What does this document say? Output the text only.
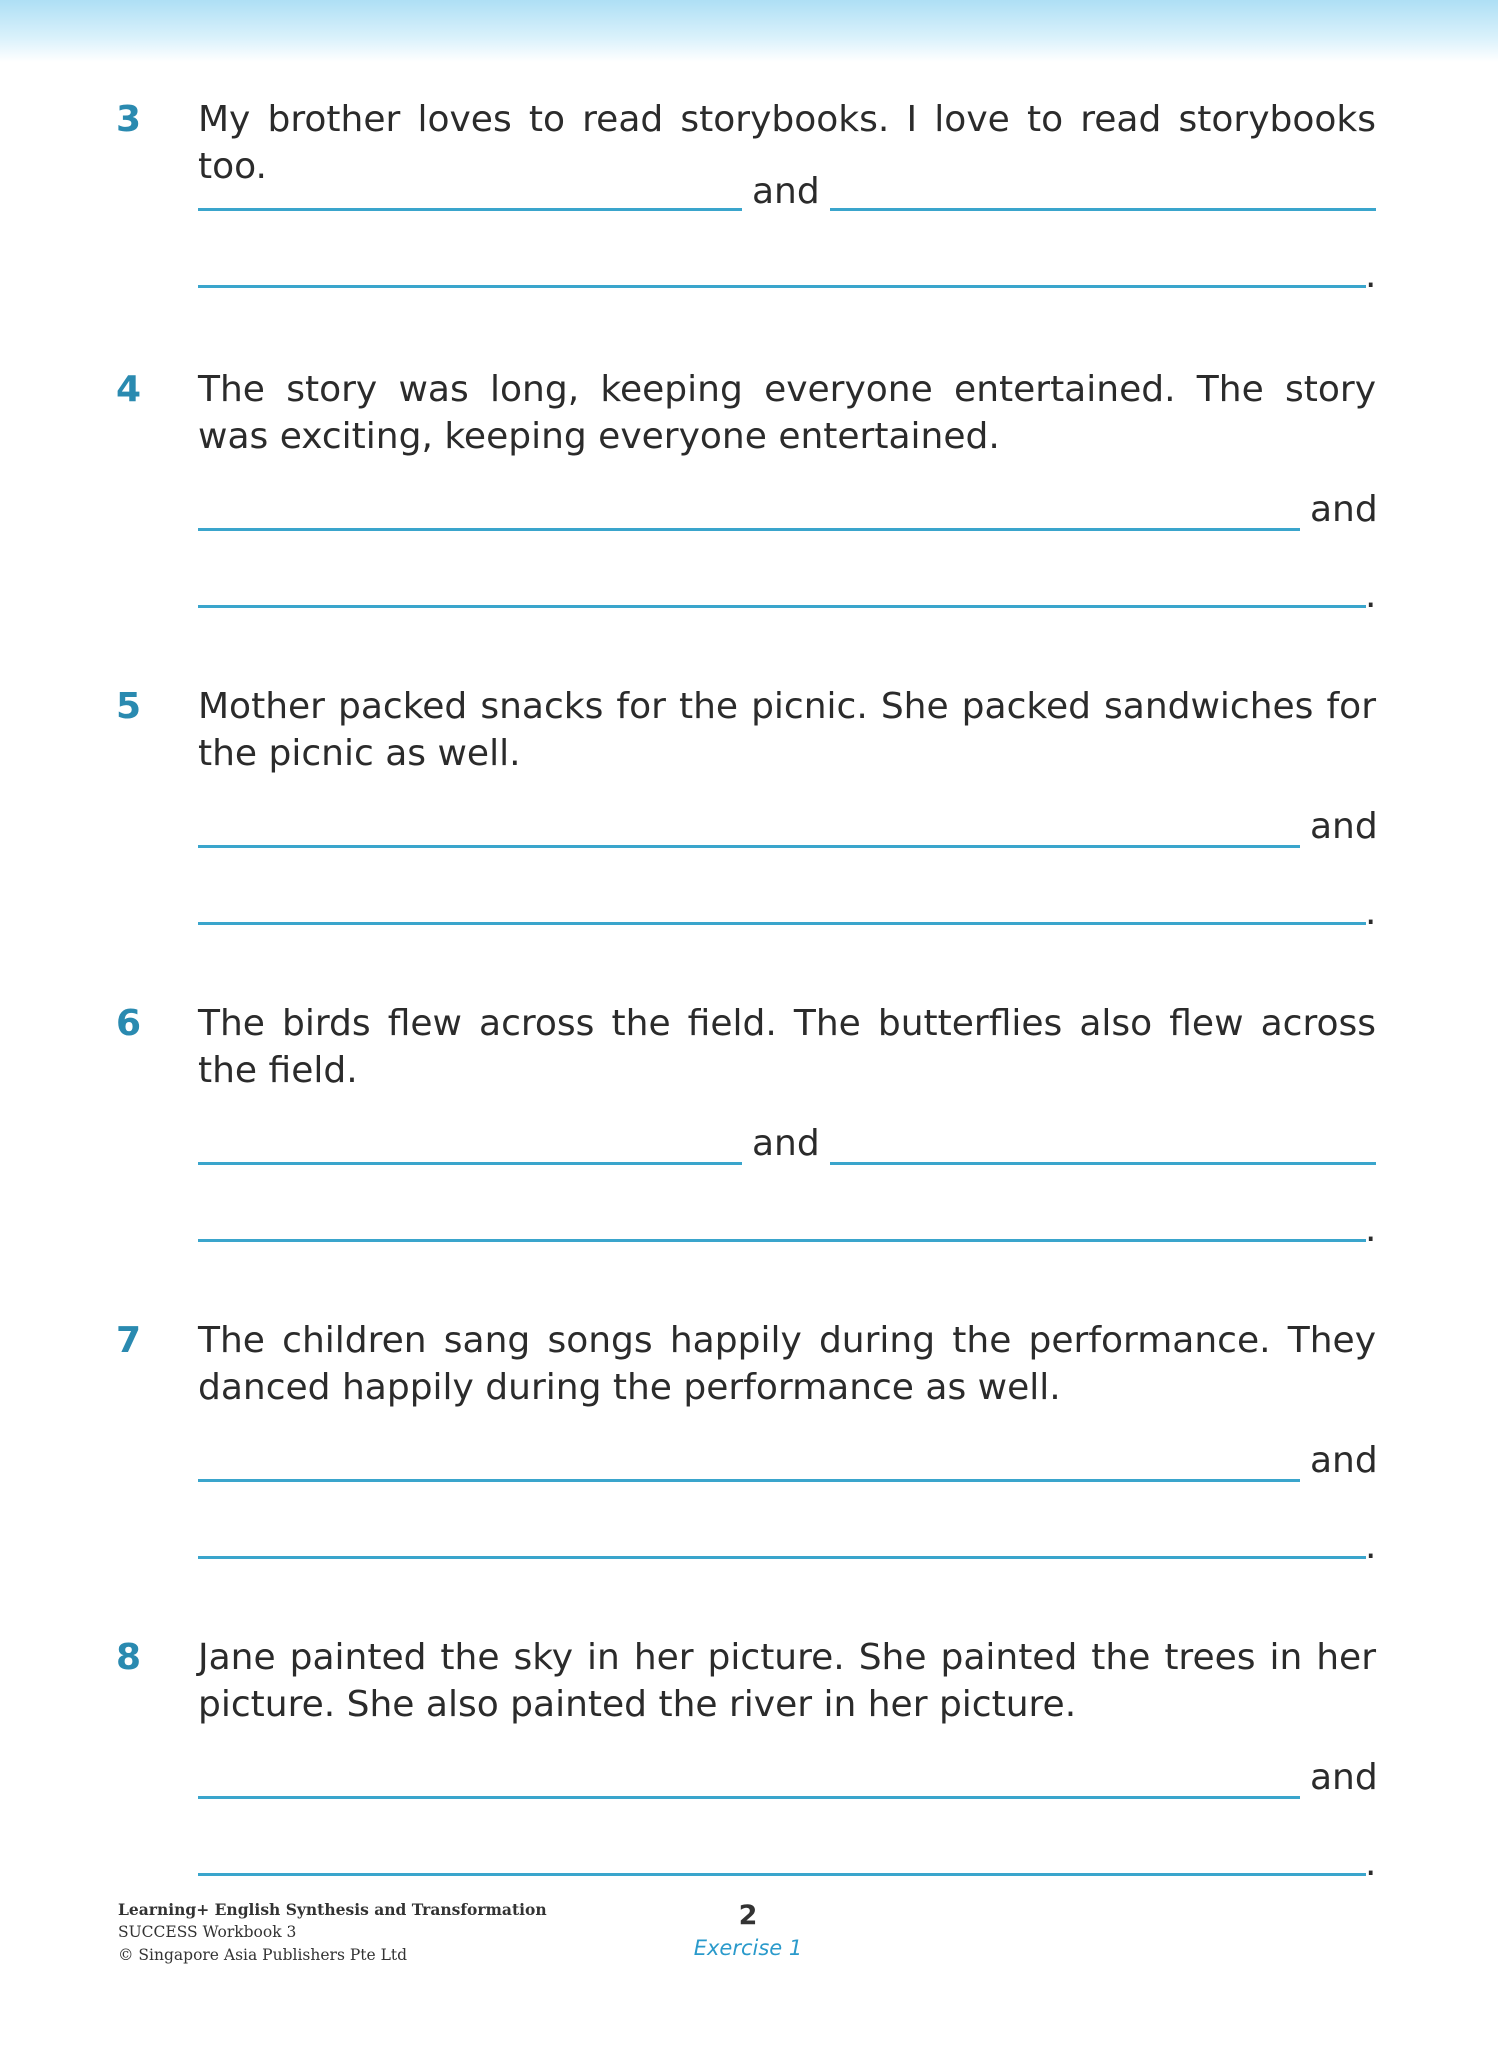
3	My brother loves to read storybooks. I love to read storybooks too.
and
.
4	The story was long, keeping everyone entertained. The story was exciting, keeping everyone entertained.
and
.
5	Mother packed snacks for the picnic. She packed sandwiches for the picnic as well.
and
.
6	The birds flew across the field. The butterflies also flew across the field.
and
.
7	The children sang songs happily during the performance. They danced happily during the performance as well.
and
.
8	Jane painted the sky in her picture. She painted the trees in her picture. She also painted the river in her picture.
and
.
Learning+ English Synthesis and Transformation
SUCCESS Workbook 3
© Singapore Asia Publishers Pte Ltd
2
Exercise 1
